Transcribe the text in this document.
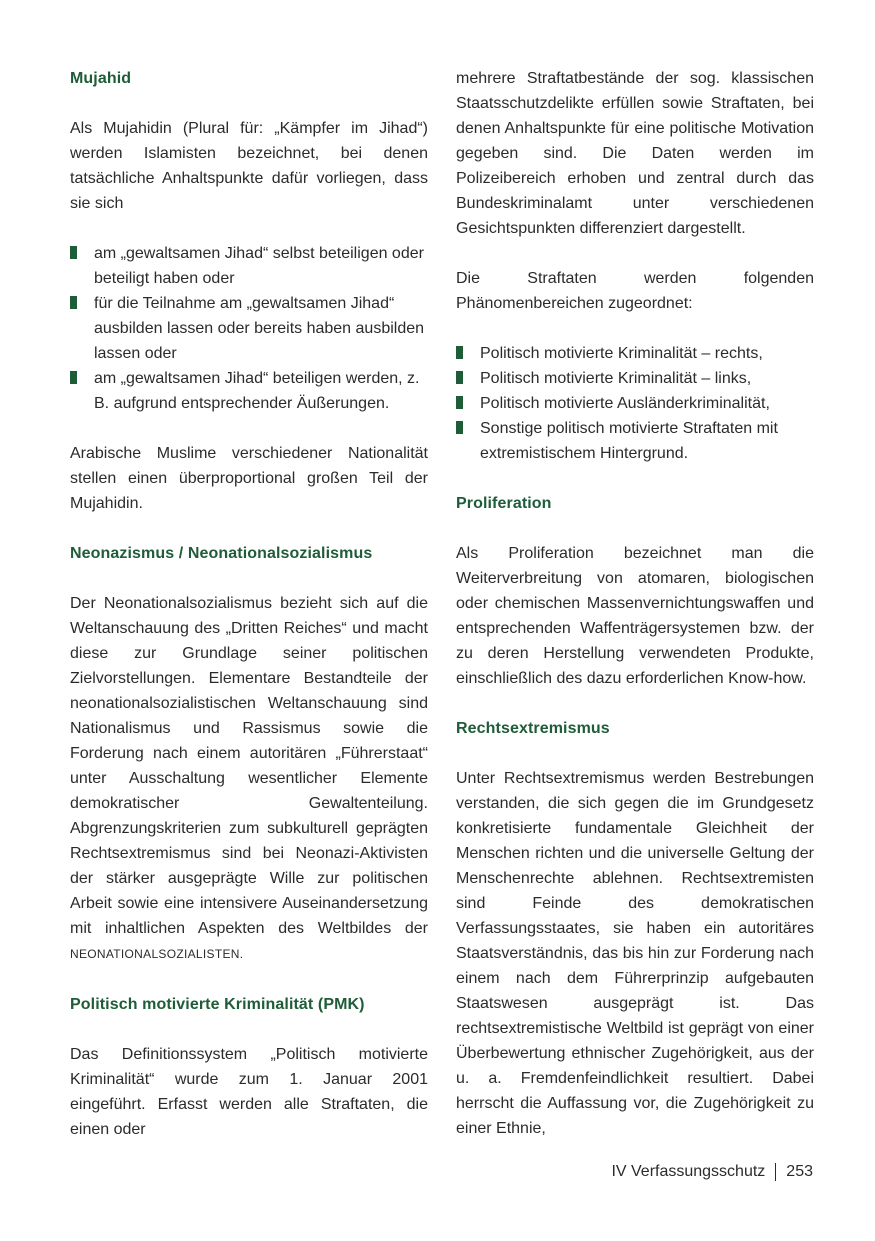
Mujahid

Als Mujahidin (Plural für: „Kämpfer im Jihad“) werden Islamisten bezeichnet, bei denen tatsächliche Anhaltspunkte dafür vorliegen, dass sie sich

am „gewaltsamen Jihad“ selbst beteiligen oder beteiligt haben oder
für die Teilnahme am „gewaltsamen Jihad“ ausbilden lassen oder bereits haben ausbilden lassen oder
am „gewaltsamen Jihad“ beteiligen werden, z. B. aufgrund entsprechender Äußerungen.

Arabische Muslime verschiedener Nationalität stellen einen überproportional großen Teil der Mujahidin.

Neonazismus / Neonationalsozialismus

Der Neonationalsozialismus bezieht sich auf die Weltanschauung des „Dritten Reiches“ und macht diese zur Grundlage seiner politischen Zielvorstellungen. Elementare Bestandteile der neonationalsozialistischen Weltanschauung sind Nationalismus und Rassismus sowie die Forderung nach einem autoritären „Führerstaat“ unter Ausschaltung wesentlicher Elemente demokratischer Gewaltenteilung. Abgrenzungskriterien zum subkulturell geprägten Rechtsextremismus sind bei Neonazi-Aktivisten der stärker ausgeprägte Wille zur politischen Arbeit sowie eine intensivere Auseinandersetzung mit inhaltlichen Aspekten des Weltbildes der NEONATIONALSOZIALISTEN.

Politisch motivierte Kriminalität (PMK)

Das Definitionssystem „Politisch motivierte Kriminalität“ wurde zum 1. Januar 2001 eingeführt. Erfasst werden alle Straftaten, die einen oder

mehrere Straftatbestände der sog. klassischen Staatsschutzdelikte erfüllen sowie Straftaten, bei denen Anhaltspunkte für eine politische Motivation gegeben sind. Die Daten werden im Polizeibereich erhoben und zentral durch das Bundeskriminalamt unter verschiedenen Gesichtspunkten differenziert dargestellt.

Die Straftaten werden folgenden Phänomenbereichen zugeordnet:

Politisch motivierte Kriminalität – rechts,
Politisch motivierte Kriminalität – links,
Politisch motivierte Ausländerkriminalität,
Sonstige politisch motivierte Straftaten mit extremistischem Hintergrund.
Proliferation

Als Proliferation bezeichnet man die Weiterverbreitung von atomaren, biologischen oder chemischen Massenvernichtungswaffen und entsprechenden Waffenträgersystemen bzw. der zu deren Herstellung verwendeten Produkte, einschließlich des dazu erforderlichen Know-how.

Rechtsextremismus

Unter Rechtsextremismus werden Bestrebungen verstanden, die sich gegen die im Grundgesetz konkretisierte fundamentale Gleichheit der Menschen richten und die universelle Geltung der Menschenrechte ablehnen. Rechtsextremisten sind Feinde des demokratischen Verfassungsstaates, sie haben ein autoritäres Staatsverständnis, das bis hin zur Forderung nach einem nach dem Führerprinzip aufgebauten Staatswesen ausgeprägt ist. Das rechtsextremistische Weltbild ist geprägt von einer Überbewertung ethnischer Zugehörigkeit, aus der u. a. Fremdenfeindlichkeit resultiert. Dabei herrscht die Auffassung vor, die Zugehörigkeit zu einer Ethnie,

IV Verfassungsschutz 253
